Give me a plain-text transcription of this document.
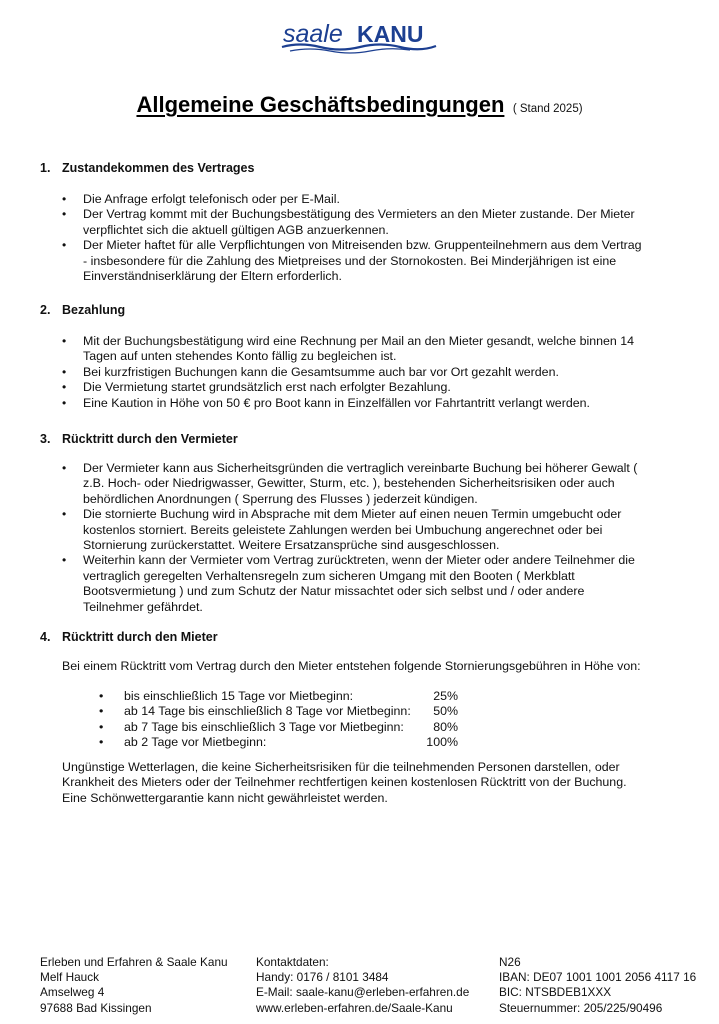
saale KANU
Allgemeine Geschäftsbedingungen ( Stand 2025)
1. Zustandekommen des Vertrages
• Die Anfrage erfolgt telefonisch oder per E-Mail.
• Der Vertrag kommt mit der Buchungsbestätigung des Vermieters an den Mieter zustande. Der Mieter
verpflichtet sich die aktuell gültigen AGB anzuerkennen.
• Der Mieter haftet für alle Verpflichtungen von Mitreisenden bzw. Gruppenteilnehmern aus dem Vertrag
- insbesondere für die Zahlung des Mietpreises und der Stornokosten. Bei Minderjährigen ist eine
Einverständniserklärung der Eltern erforderlich.
2. Bezahlung
• Mit der Buchungsbestätigung wird eine Rechnung per Mail an den Mieter gesandt, welche binnen 14
Tagen auf unten stehendes Konto fällig zu begleichen ist.
• Bei kurzfristigen Buchungen kann die Gesamtsumme auch bar vor Ort gezahlt werden.
• Die Vermietung startet grundsätzlich erst nach erfolgter Bezahlung.
• Eine Kaution in Höhe von 50 € pro Boot kann in Einzelfällen vor Fahrtantritt verlangt werden.
3. Rücktritt durch den Vermieter
• Der Vermieter kann aus Sicherheitsgründen die vertraglich vereinbarte Buchung bei höherer Gewalt (
z.B. Hoch- oder Niedrigwasser, Gewitter, Sturm, etc. ), bestehenden Sicherheitsrisiken oder auch
behördlichen Anordnungen ( Sperrung des Flusses ) jederzeit kündigen.
• Die stornierte Buchung wird in Absprache mit dem Mieter auf einen neuen Termin umgebucht oder
kostenlos storniert. Bereits geleistete Zahlungen werden bei Umbuchung angerechnet oder bei
Stornierung zurückerstattet. Weitere Ersatzansprüche sind ausgeschlossen.
• Weiterhin kann der Vermieter vom Vertrag zurücktreten, wenn der Mieter oder andere Teilnehmer die
vertraglich geregelten Verhaltensregeln zum sicheren Umgang mit den Booten ( Merkblatt
Bootsvermietung ) und zum Schutz der Natur missachtet oder sich selbst und / oder andere
Teilnehmer gefährdet.
4. Rücktritt durch den Mieter
Bei einem Rücktritt vom Vertrag durch den Mieter entstehen folgende Stornierungsgebühren in Höhe von:
• bis einschließlich 15 Tage vor Mietbeginn:	25%
• ab 14 Tage bis einschließlich 8 Tage vor Mietbeginn: 50%
• ab 7 Tage bis einschließlich 3 Tage vor Mietbeginn: 80%
• ab 2 Tage vor Mietbeginn:	100%
Ungünstige Wetterlagen, die keine Sicherheitsrisiken für die teilnehmenden Personen darstellen, oder
Krankheit des Mieters oder der Teilnehmer rechtfertigen keinen kostenlosen Rücktritt von der Buchung.
Eine Schönwettergarantie kann nicht gewährleistet werden.
Erleben und Erfahren & Saale Kanu
Melf Hauck
Amselweg 4
97688 Bad Kissingen
Kontaktdaten:
Handy: 0176 / 8101 3484
E-Mail: saale-kanu@erleben-erfahren.de
www.erleben-erfahren.de/Saale-Kanu
N26
IBAN: DE07 1001 1001 2056 4117 16
BIC: NTSBDEB1XXX
Steuernummer: 205/225/90496
